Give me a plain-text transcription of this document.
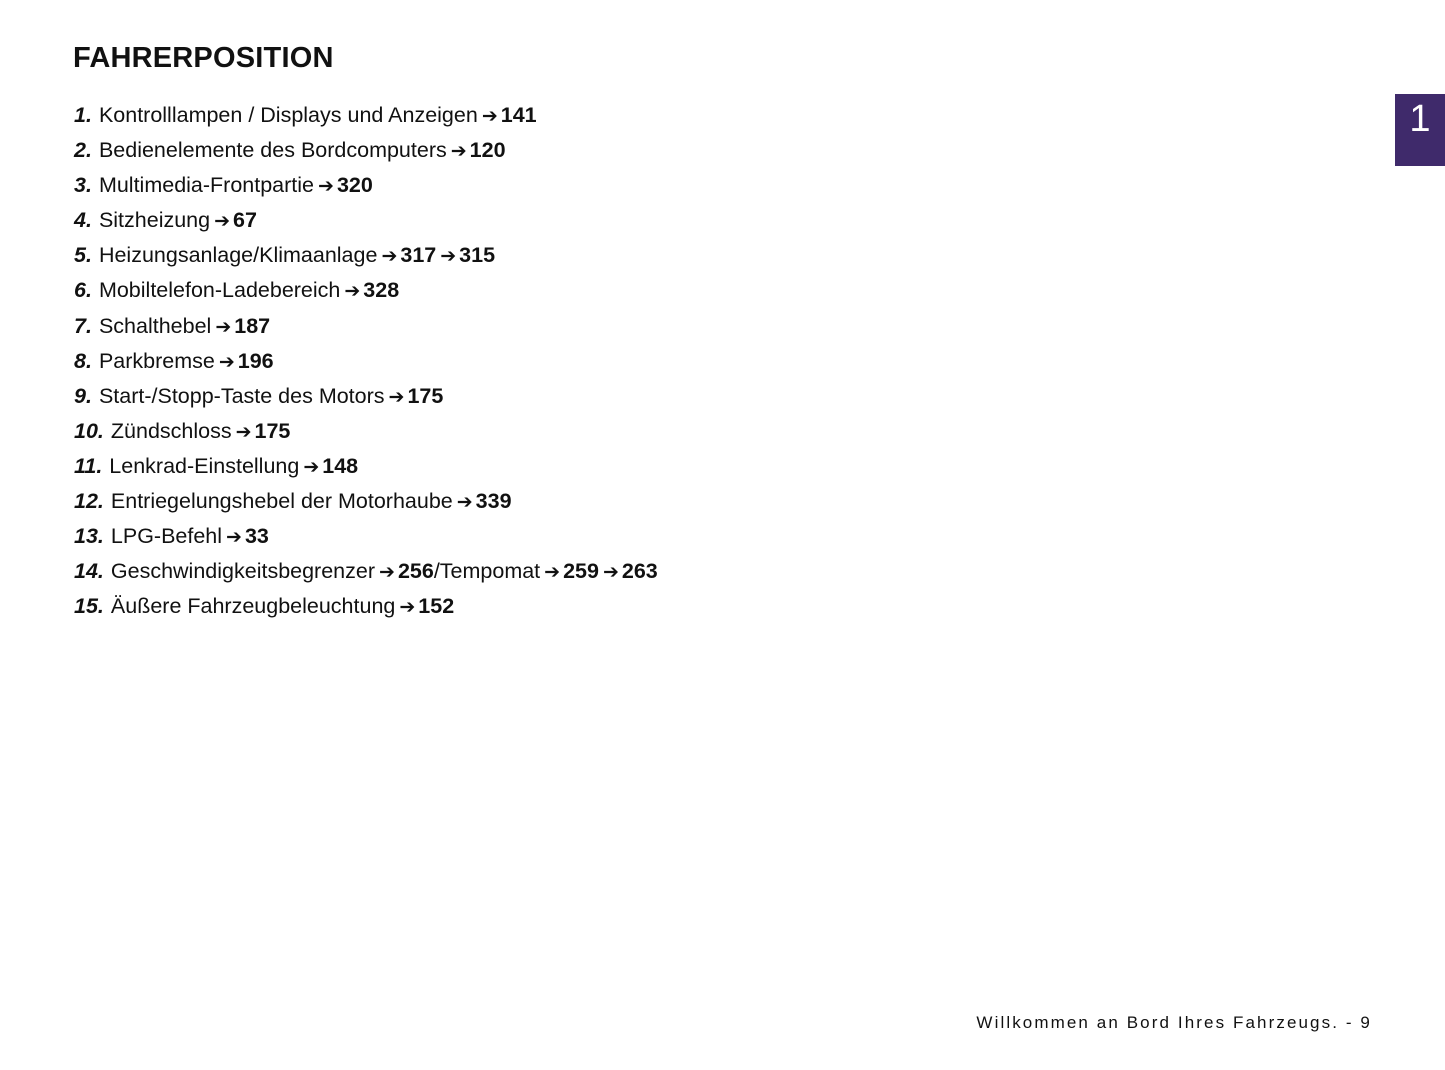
FAHRERPOSITION
1. Kontrolllampen / Displays und Anzeigen ➔ 141
2. Bedienelemente des Bordcomputers ➔ 120
3. Multimedia-Frontpartie ➔ 320
4. Sitzheizung ➔ 67
5. Heizungsanlage/Klimaanlage ➔ 317 ➔ 315
6. Mobiltelefon-Ladebereich ➔ 328
7. Schalthebel ➔ 187
8. Parkbremse ➔ 196
9. Start-/Stopp-Taste des Motors ➔ 175
10. Zündschloss ➔ 175
11. Lenkrad-Einstellung ➔ 148
12. Entriegelungshebel der Motorhaube ➔ 339
13. LPG-Befehl ➔ 33
14. Geschwindigkeitsbegrenzer ➔ 256/Tempomat ➔ 259 ➔ 263
15. Äußere Fahrzeugbeleuchtung ➔ 152
1
Willkommen an Bord Ihres Fahrzeugs. - 9
